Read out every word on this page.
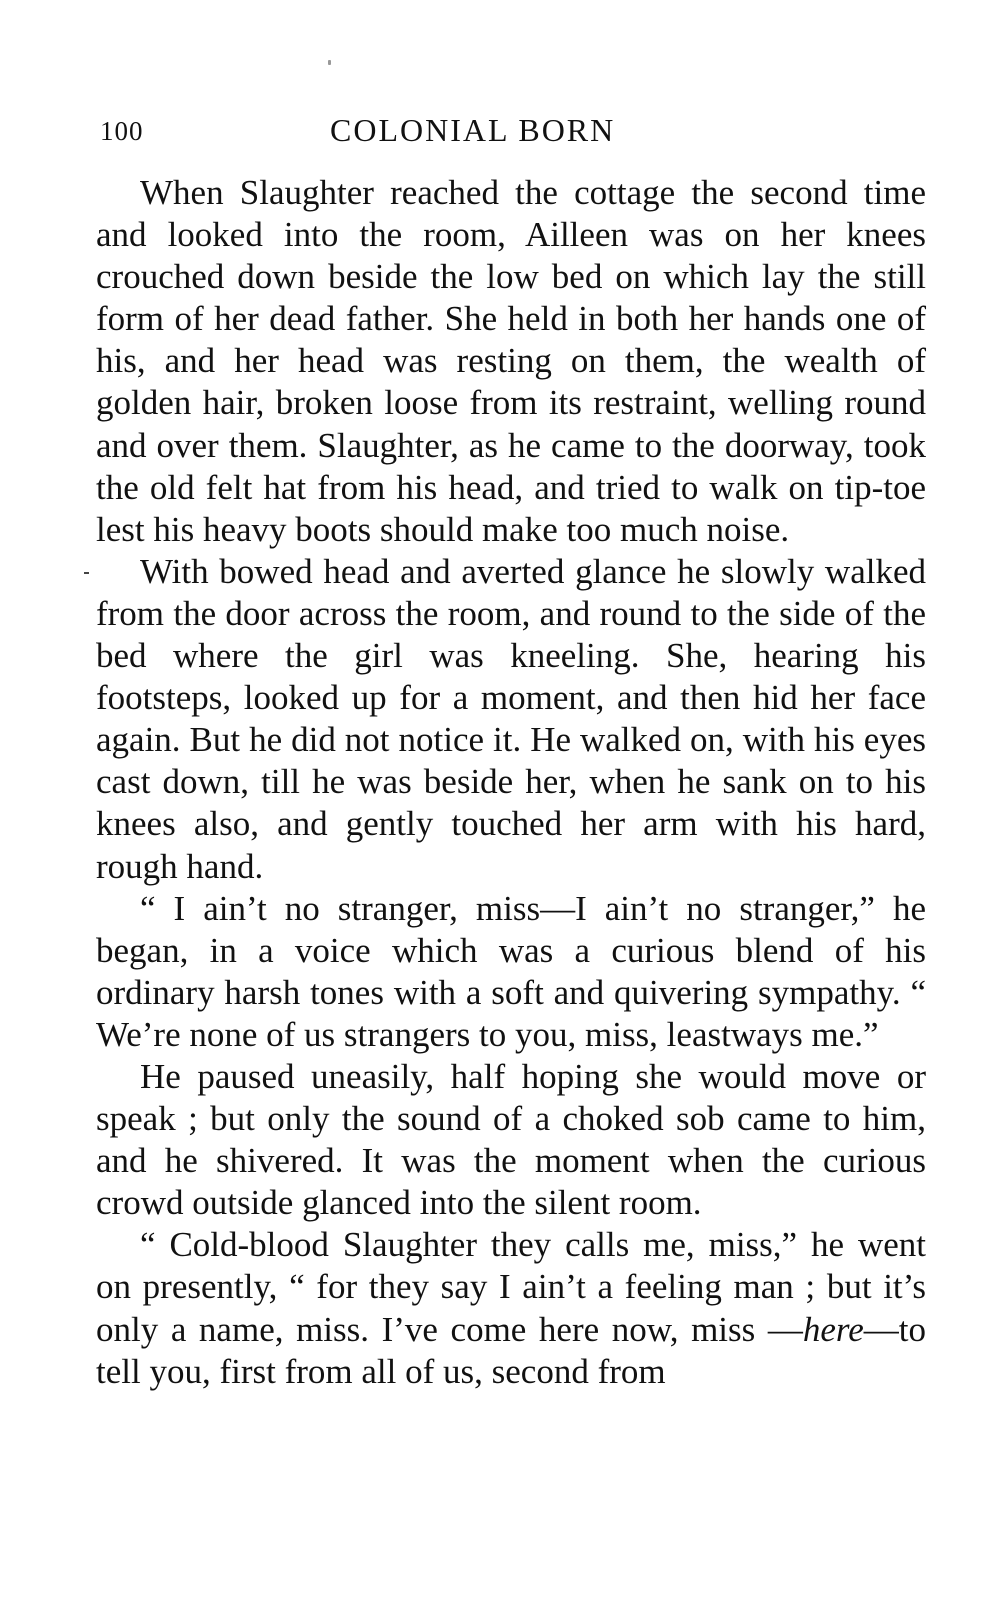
100	COLONIAL BORN

When Slaughter reached the cottage the second time and looked into the room, Ailleen was on her knees crouched down beside the low bed on which lay the still form of her dead father. She held in both her hands one of his, and her head was resting on them, the wealth of golden hair, broken loose from its restraint, welling round and over them. Slaughter, as he came to the doorway, took the old felt hat from his head, and tried to walk on tip-toe lest his heavy boots should make too much noise.

With bowed head and averted glance he slowly walked from the door across the room, and round to the side of the bed where the girl was kneeling. She, hearing his footsteps, looked up for a moment, and then hid her face again. But he did not notice it. He walked on, with his eyes cast down, till he was beside her, when he sank on to his knees also, and gently touched her arm with his hard, rough hand.

“ I ain’t no stranger, miss—I ain’t no stranger,” he began, in a voice which was a curious blend of his ordinary harsh tones with a soft and quivering sympathy. “ We’re none of us strangers to you, miss, leastways me.”

He paused uneasily, half hoping she would move or speak ; but only the sound of a choked sob came to him, and he shivered. It was the moment when the curious crowd outside glanced into the silent room.

“ Cold-blood Slaughter they calls me, miss,” he went on presently, “ for they say I ain’t a feeling man ; but it’s only a name, miss. I’ve come here now, miss —here—to tell you, first from all of us, second from
